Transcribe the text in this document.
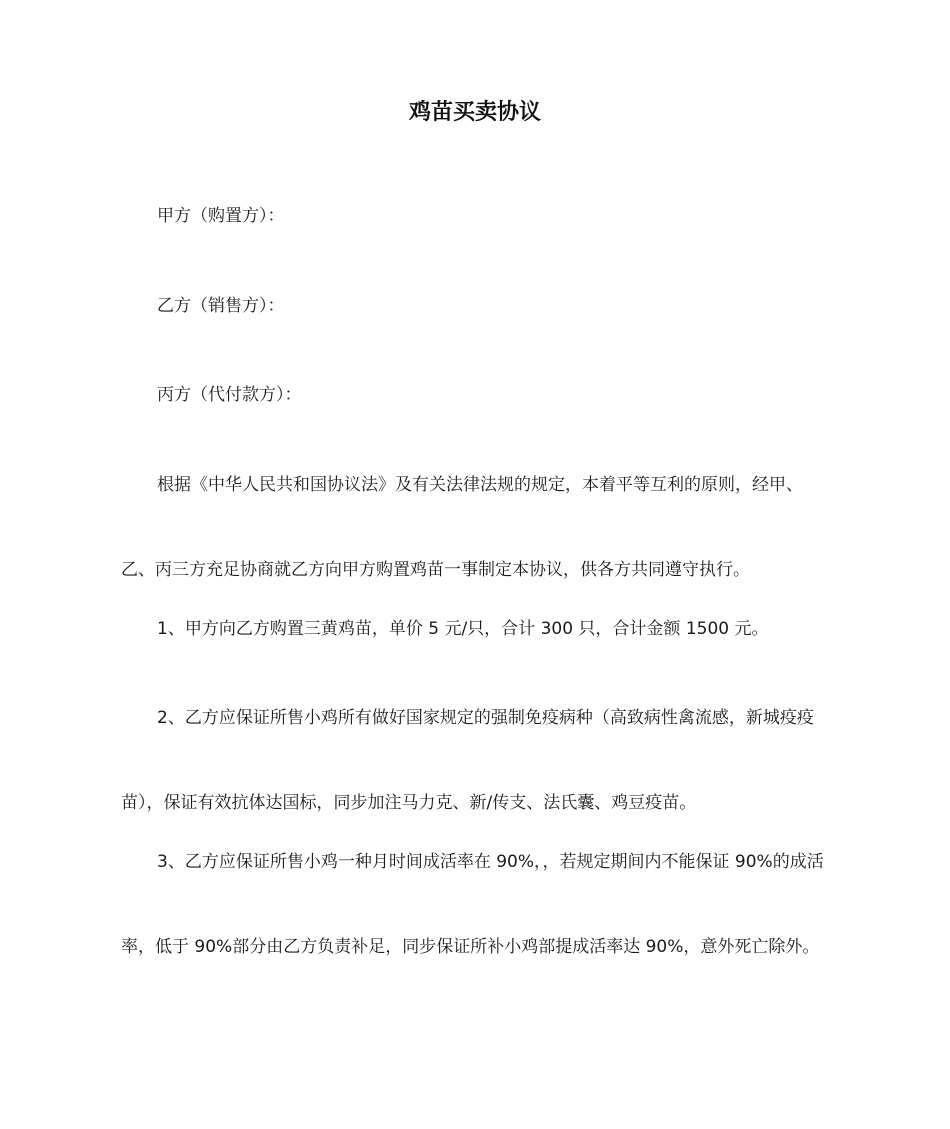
鸡苗买卖协议

甲方（购置方）：

乙方（销售方）：

丙方（代付款方）：

根据《中华人民共和国协议法》及有关法律法规的规定，本着平等互利的原则，经甲、乙、丙三方充足协商就乙方向甲方购置鸡苗一事制定本协议，供各方共同遵守执行。

1、甲方向乙方购置三黄鸡苗，单价 5 元/只，合计 300 只，合计金额 1500 元。

2、乙方应保证所售小鸡所有做好国家规定的强制免疫病种（高致病性禽流感，新城疫疫苗），保证有效抗体达国标，同步加注马力克、新/传支、法氏囊、鸡豆疫苗。

3、乙方应保证所售小鸡一种月时间成活率在 90%，，若规定期间内不能保证 90%的成活率，低于 90%部分由乙方负责补足，同步保证所补小鸡部提成活率达 90%，意外死亡除外。
